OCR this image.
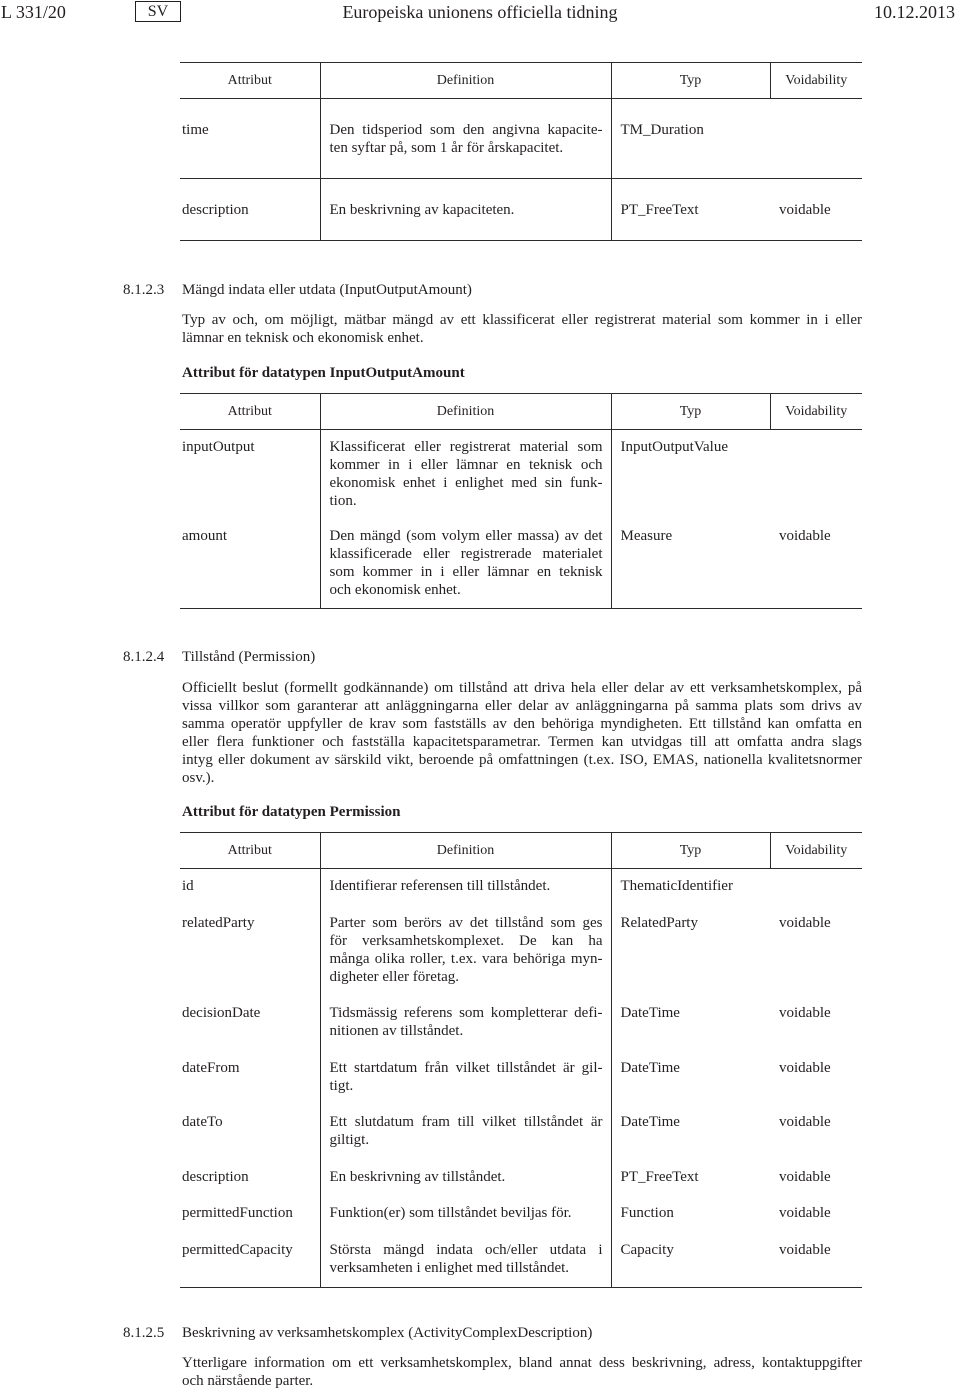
L 331/20	SV	Europeiska unionens officiella tidning	10.12.2013
Attribut	Definition	Typ	Voidability
time	Den tidsperiod som den angivna kapacite-
ten syftar på, som 1 år för årskapacitet.	TM_Duration	
description	En beskrivning av kapaciteten.	PT_FreeText	voidable
8.1.2.3 Mängd indata eller utdata (InputOutputAmount)
Typ av och, om möjligt, mätbar mängd av ett klassificerat eller registrerat material som kommer in i eller
lämnar en teknisk och ekonomisk enhet.
Attribut för datatypen InputOutputAmount
Attribut	Definition	Typ	Voidability
inputOutput	Klassificerat eller registrerat material som
kommer in i eller lämnar en teknisk och
ekonomisk enhet i enlighet med sin funk-
tion.	InputOutputValue	
amount	Den mängd (som volym eller massa) av det
klassificerade eller registrerade materialet
som kommer in i eller lämnar en teknisk
och ekonomisk enhet.	Measure	voidable
8.1.2.4 Tillstånd (Permission)
Officiellt beslut (formellt godkännande) om tillstånd att driva hela eller delar av ett verksamhetskomplex, på
vissa villkor som garanterar att anläggningarna eller delar av anläggningarna på samma plats som drivs av
samma operatör uppfyller de krav som fastställs av den behöriga myndigheten. Ett tillstånd kan omfatta en
eller flera funktioner och fastställa kapacitetsparametrar. Termen kan utvidgas till att omfatta andra slags
intyg eller dokument av särskild vikt, beroende på omfattningen (t.ex. ISO, EMAS, nationella kvalitetsnormer
osv.).
Attribut för datatypen Permission
Attribut	Definition	Typ	Voidability
id	Identifierar referensen till tillståndet.	ThematicIdentifier	
relatedParty	Parter som berörs av det tillstånd som ges
för verksamhetskomplexet. De kan ha
många olika roller, t.ex. vara behöriga myn-
digheter eller företag.	RelatedParty	voidable
decisionDate	Tidsmässig referens som kompletterar defi-
nitionen av tillståndet.	DateTime	voidable
dateFrom	Ett startdatum från vilket tillståndet är gil-
tigt.	DateTime	voidable
dateTo	Ett slutdatum fram till vilket tillståndet är
giltigt.	DateTime	voidable
description	En beskrivning av tillståndet.	PT_FreeText	voidable
permittedFunction	Funktion(er) som tillståndet beviljas för.	Function	voidable
permittedCapacity	Största mängd indata och/eller utdata i
verksamheten i enlighet med tillståndet.	Capacity	voidable
8.1.2.5 Beskrivning av verksamhetskomplex (ActivityComplexDescription)
Ytterligare information om ett verksamhetskomplex, bland annat dess beskrivning, adress, kontaktuppgifter
och närstående parter.
